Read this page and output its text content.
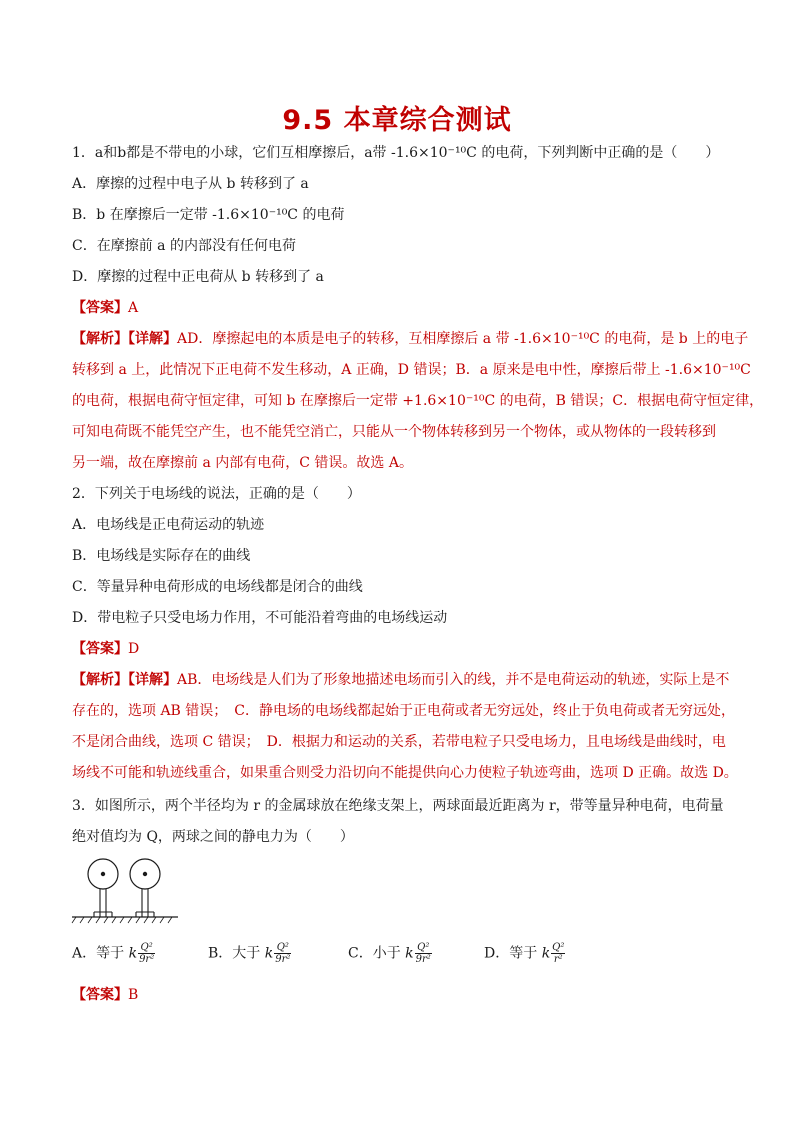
9.5 本章综合测试
1．a和b都是不带电的小球，它们互相摩擦后，a带 -1.6×10⁻¹⁰C 的电荷，下列判断中正确的是（　　）
A．摩擦的过程中电子从 b 转移到了 a
B．b 在摩擦后一定带 -1.6×10⁻¹⁰C 的电荷
C．在摩擦前 a 的内部没有任何电荷
D．摩擦的过程中正电荷从 b 转移到了 a
【答案】A
【解析】【详解】AD．摩擦起电的本质是电子的转移，互相摩擦后 a 带 -1.6×10⁻¹⁰C 的电荷，是 b 上的电子
转移到 a 上，此情况下正电荷不发生移动，A 正确，D 错误；B．a 原来是电中性，摩擦后带上 -1.6×10⁻¹⁰C
的电荷，根据电荷守恒定律，可知 b 在摩擦后一定带 +1.6×10⁻¹⁰C 的电荷，B 错误；C．根据电荷守恒定律，
可知电荷既不能凭空产生，也不能凭空消亡，只能从一个物体转移到另一个物体，或从物体的一段转移到
另一端，故在摩擦前 a 内部有电荷，C 错误。故选 A。
2．下列关于电场线的说法，正确的是（　　）
A．电场线是正电荷运动的轨迹
B．电场线是实际存在的曲线
C．等量异种电荷形成的电场线都是闭合的曲线
D．带电粒子只受电场力作用，不可能沿着弯曲的电场线运动
【答案】D
【解析】【详解】AB．电场线是人们为了形象地描述电场而引入的线，并不是电荷运动的轨迹，实际上是不
存在的，选项 AB 错误；　C．静电场的电场线都起始于正电荷或者无穷远处，终止于负电荷或者无穷远处，
不是闭合曲线，选项 C 错误；　D．根据力和运动的关系，若带电粒子只受电场力，且电场线是曲线时，电
场线不可能和轨迹线重合，如果重合则受力沿切向不能提供向心力使粒子轨迹弯曲，选项 D 正确。故选 D。
3．如图所示，两个半径均为 r 的金属球放在绝缘支架上，两球面最近距离为 r，带等量异种电荷，电荷量
绝对值均为 Q，两球之间的静电力为（　　）
A．等于 k $\frac{\text{Q²}}{\text{9r²}}$	B．大于 k $\frac{\text{Q²}}{\text{9r²}}$	C．小于 k $\frac{\text{Q²}}{\text{9r²}}$	D．等于 k $\frac{\text{Q²}}{\text{r²}}$
【答案】B
